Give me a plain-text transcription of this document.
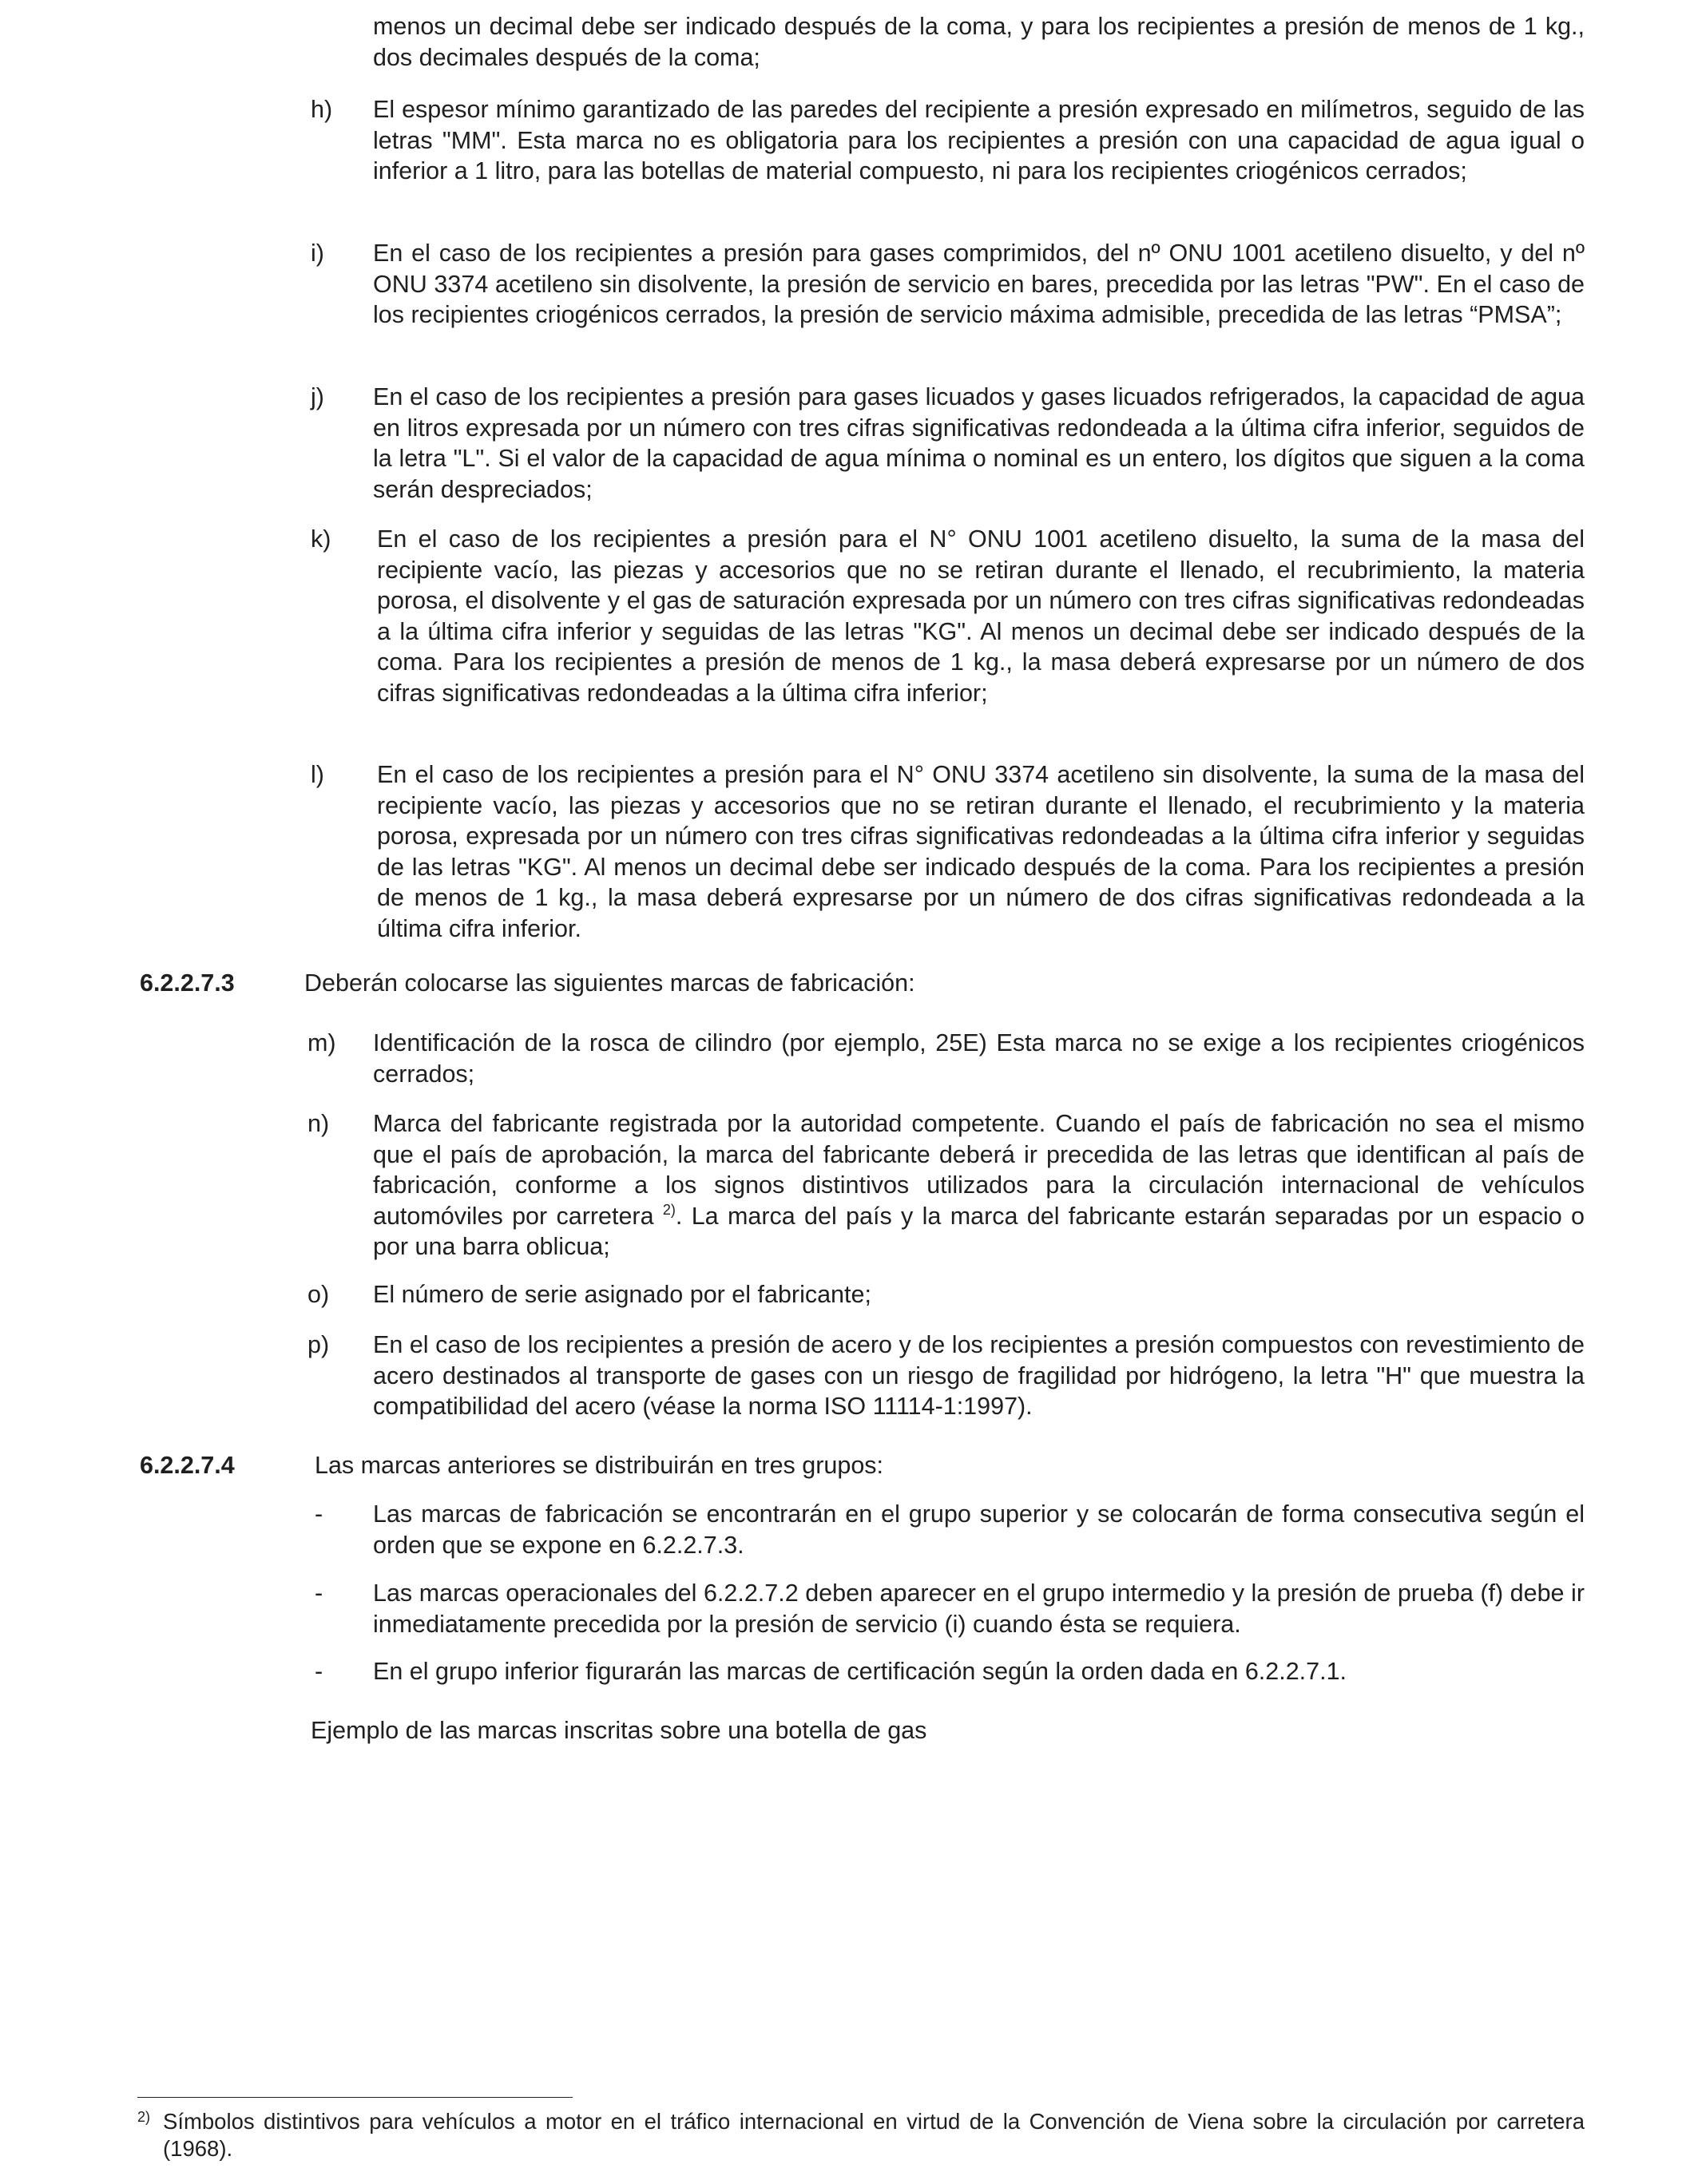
menos un decimal debe ser indicado después de la coma, y para los recipientes a presión de menos de 1 kg., dos decimales después de la coma;
h) El espesor mínimo garantizado de las paredes del recipiente a presión expresado en milímetros, seguido de las letras "MM". Esta marca no es obligatoria para los recipientes a presión con una capacidad de agua igual o inferior a 1 litro, para las botellas de material compuesto, ni para los recipientes criogénicos cerrados;
i) En el caso de los recipientes a presión para gases comprimidos, del nº ONU 1001 acetileno disuelto, y del nº ONU 3374 acetileno sin disolvente, la presión de servicio en bares, precedida por las letras "PW". En el caso de los recipientes criogénicos cerrados, la presión de servicio máxima admisible, precedida de las letras “PMSA”;
j) En el caso de los recipientes a presión para gases licuados y gases licuados refrigerados, la capacidad de agua en litros expresada por un número con tres cifras significativas redondeada a la última cifra inferior, seguidos de la letra "L". Si el valor de la capacidad de agua mínima o nominal es un entero, los dígitos que siguen a la coma serán despreciados;
k) En el caso de los recipientes a presión para el N° ONU 1001 acetileno disuelto, la suma de la masa del recipiente vacío, las piezas y accesorios que no se retiran durante el llenado, el recubrimiento, la materia porosa, el disolvente y el gas de saturación expresada por un número con tres cifras significativas redondeadas a la última cifra inferior y seguidas de las letras "KG". Al menos un decimal debe ser indicado después de la coma. Para los recipientes a presión de menos de 1 kg., la masa deberá expresarse por un número de dos cifras significativas redondeadas a la última cifra inferior;
l) En el caso de los recipientes a presión para el N° ONU 3374 acetileno sin disolvente, la suma de la masa del recipiente vacío, las piezas y accesorios que no se retiran durante el llenado, el recubrimiento y la materia porosa, expresada por un número con tres cifras significativas redondeadas a la última cifra inferior y seguidas de las letras "KG". Al menos un decimal debe ser indicado después de la coma. Para los recipientes a presión de menos de 1 kg., la masa deberá expresarse por un número de dos cifras significativas redondeada a la última cifra inferior.
6.2.2.7.3	Deberán colocarse las siguientes marcas de fabricación:
m) Identificación de la rosca de cilindro (por ejemplo, 25E) Esta marca no se exige a los recipientes criogénicos cerrados;
n) Marca del fabricante registrada por la autoridad competente. Cuando el país de fabricación no sea el mismo que el país de aprobación, la marca del fabricante deberá ir precedida de las letras que identifican al país de fabricación, conforme a los signos distintivos utilizados para la circulación internacional de vehículos automóviles por carretera $^{2)}$. La marca del país y la marca del fabricante estarán separadas por un espacio o por una barra oblicua;
o) El número de serie asignado por el fabricante;
p) En el caso de los recipientes a presión de acero y de los recipientes a presión compuestos con revestimiento de acero destinados al transporte de gases con un riesgo de fragilidad por hidrógeno, la letra "H" que muestra la compatibilidad del acero (véase la norma ISO 11114-1:1997).
6.2.2.7.4	Las marcas anteriores se distribuirán en tres grupos:
- Las marcas de fabricación se encontrarán en el grupo superior y se colocarán de forma consecutiva según el orden que se expone en 6.2.2.7.3.
- Las marcas operacionales del 6.2.2.7.2 deben aparecer en el grupo intermedio y la presión de prueba (f) debe ir inmediatamente precedida por la presión de servicio (i) cuando ésta se requiera.
- En el grupo inferior figurarán las marcas de certificación según la orden dada en 6.2.2.7.1.
Ejemplo de las marcas inscritas sobre una botella de gas
2) Símbolos distintivos para vehículos a motor en el tráfico internacional en virtud de la Convención de Viena sobre la circulación por carretera (1968).
